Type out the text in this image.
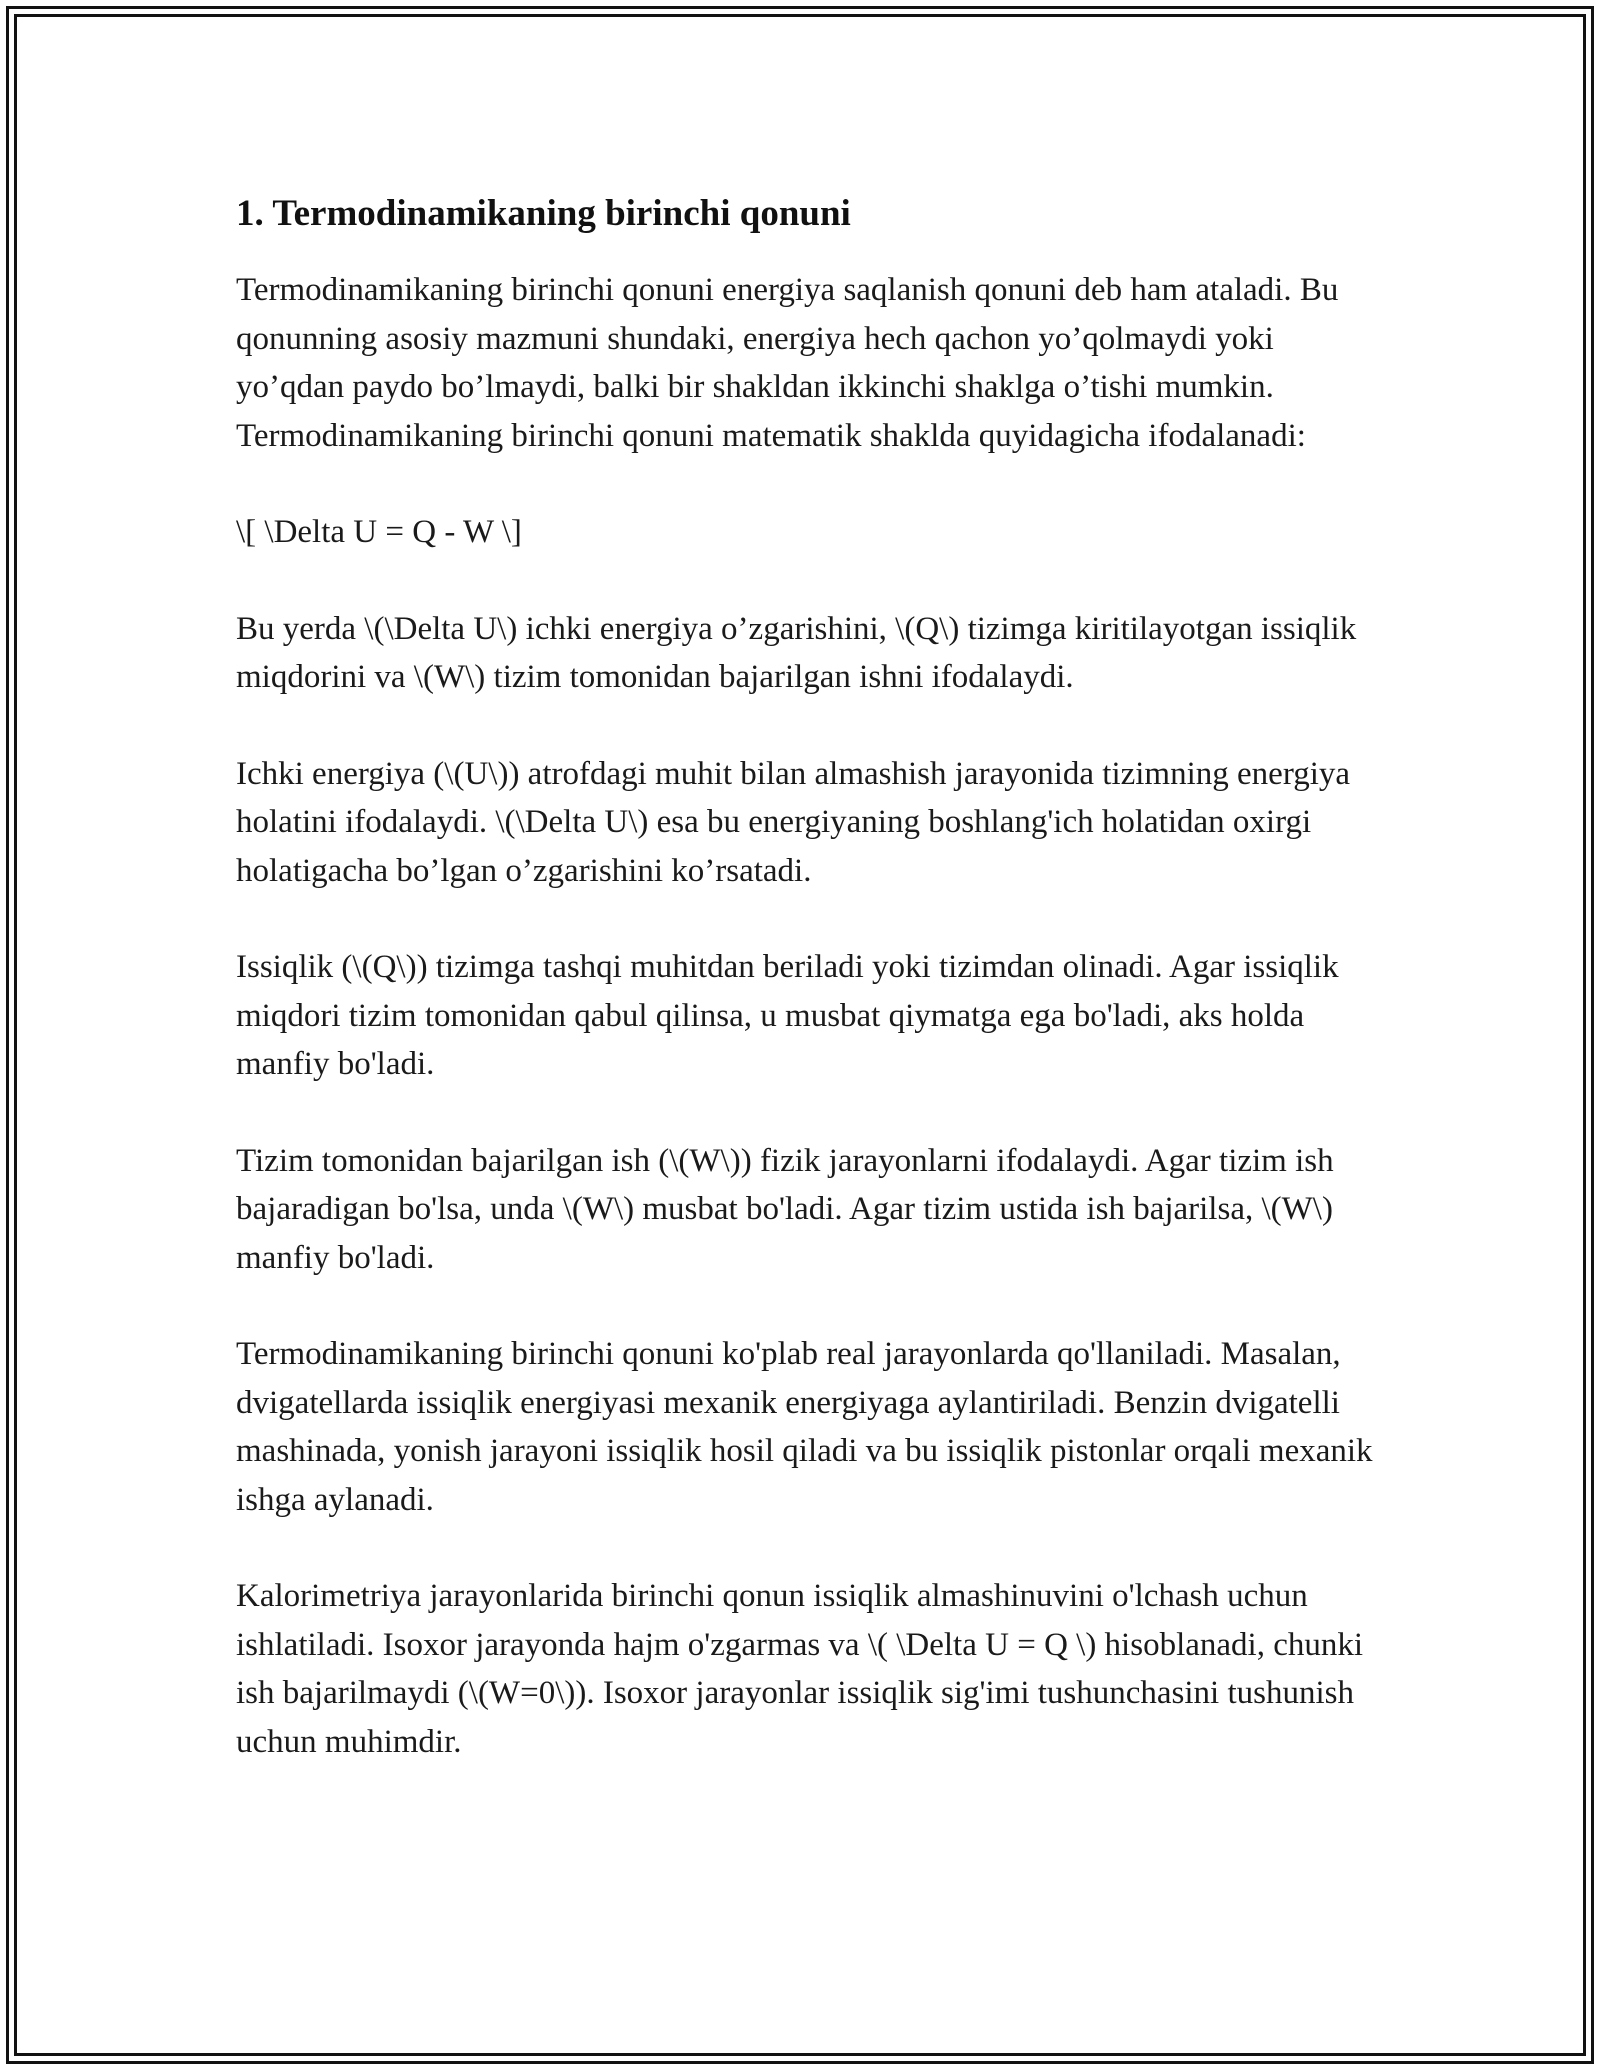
1. Termodinamikaning birinchi qonuni

Termodinamikaning birinchi qonuni energiya saqlanish qonuni deb ham ataladi. Bu qonunning asosiy mazmuni shundaki, energiya hech qachon yo’qolmaydi yoki yo’qdan paydo bo’lmaydi, balki bir shakldan ikkinchi shaklga o’tishi mumkin. Termodinamikaning birinchi qonuni matematik shaklda quyidagicha ifodalanadi:

\[ \Delta U = Q - W \]

Bu yerda \(\Delta U\) ichki energiya o’zgarishini, \(Q\) tizimga kiritilayotgan issiqlik miqdorini va \(W\) tizim tomonidan bajarilgan ishni ifodalaydi.

Ichki energiya (\(U\)) atrofdagi muhit bilan almashish jarayonida tizimning energiya holatini ifodalaydi. \(\Delta U\) esa bu energiyaning boshlang'ich holatidan oxirgi holatigacha bo’lgan o’zgarishini ko’rsatadi.

Issiqlik (\(Q\)) tizimga tashqi muhitdan beriladi yoki tizimdan olinadi. Agar issiqlik miqdori tizim tomonidan qabul qilinsa, u musbat qiymatga ega bo'ladi, aks holda manfiy bo'ladi.

Tizim tomonidan bajarilgan ish (\(W\)) fizik jarayonlarni ifodalaydi. Agar tizim ish bajaradigan bo'lsa, unda \(W\) musbat bo'ladi. Agar tizim ustida ish bajarilsa, \(W\) manfiy bo'ladi.

Termodinamikaning birinchi qonuni ko'plab real jarayonlarda qo'llaniladi. Masalan, dvigatellarda issiqlik energiyasi mexanik energiyaga aylantiriladi. Benzin dvigatelli mashinada, yonish jarayoni issiqlik hosil qiladi va bu issiqlik pistonlar orqali mexanik ishga aylanadi.

Kalorimetriya jarayonlarida birinchi qonun issiqlik almashinuvini o'lchash uchun ishlatiladi. Isoxor jarayonda hajm o'zgarmas va \( \Delta U = Q \) hisoblanadi, chunki ish bajarilmaydi (\(W=0\)). Isoxor jarayonlar issiqlik sig'imi tushunchasini tushunish uchun muhimdir.
